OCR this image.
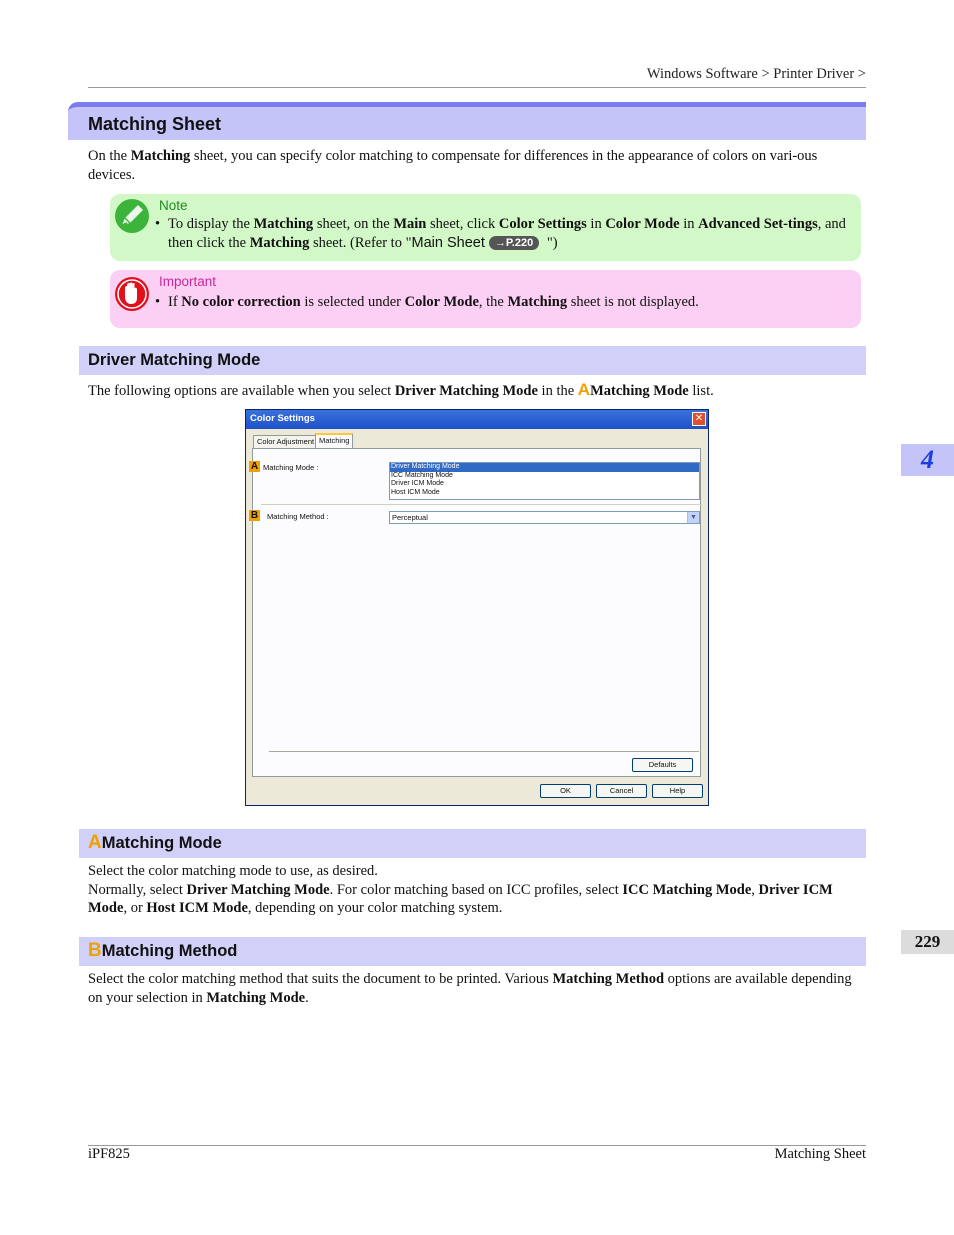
Windows Software > Printer Driver >
Matching Sheet
On the Matching sheet, you can specify color matching to compensate for differences in the appearance of colors on vari-ous devices.
Note
• To display the Matching sheet, on the Main sheet, click Color Settings in Color Mode in Advanced Set-tings, and then click the Matching sheet. (Refer to "Main Sheet →P.220 ")
Important
• If No color correction is selected under Color Mode, the Matching sheet is not displayed.
Driver Matching Mode
The following options are available when you select Driver Matching Mode in the AMatching Mode list.
Color Settings	✕
Color Adjustment Matching
A Matching Mode :	Driver Matching Mode
ICC Matching Mode
Driver ICM Mode
Host ICM Mode
B Matching Method :	Perceptual	▼
Defaults
OK	Cancel	Help
AMatching Mode
Select the color matching mode to use, as desired.
Normally, select Driver Matching Mode. For color matching based on ICC profiles, select ICC Matching Mode, Driver ICM Mode, or Host ICM Mode, depending on your color matching system.
BMatching Method
Select the color matching method that suits the document to be printed. Various Matching Method options are available depending on your selection in Matching Mode.
4
229
iPF825	Matching Sheet
